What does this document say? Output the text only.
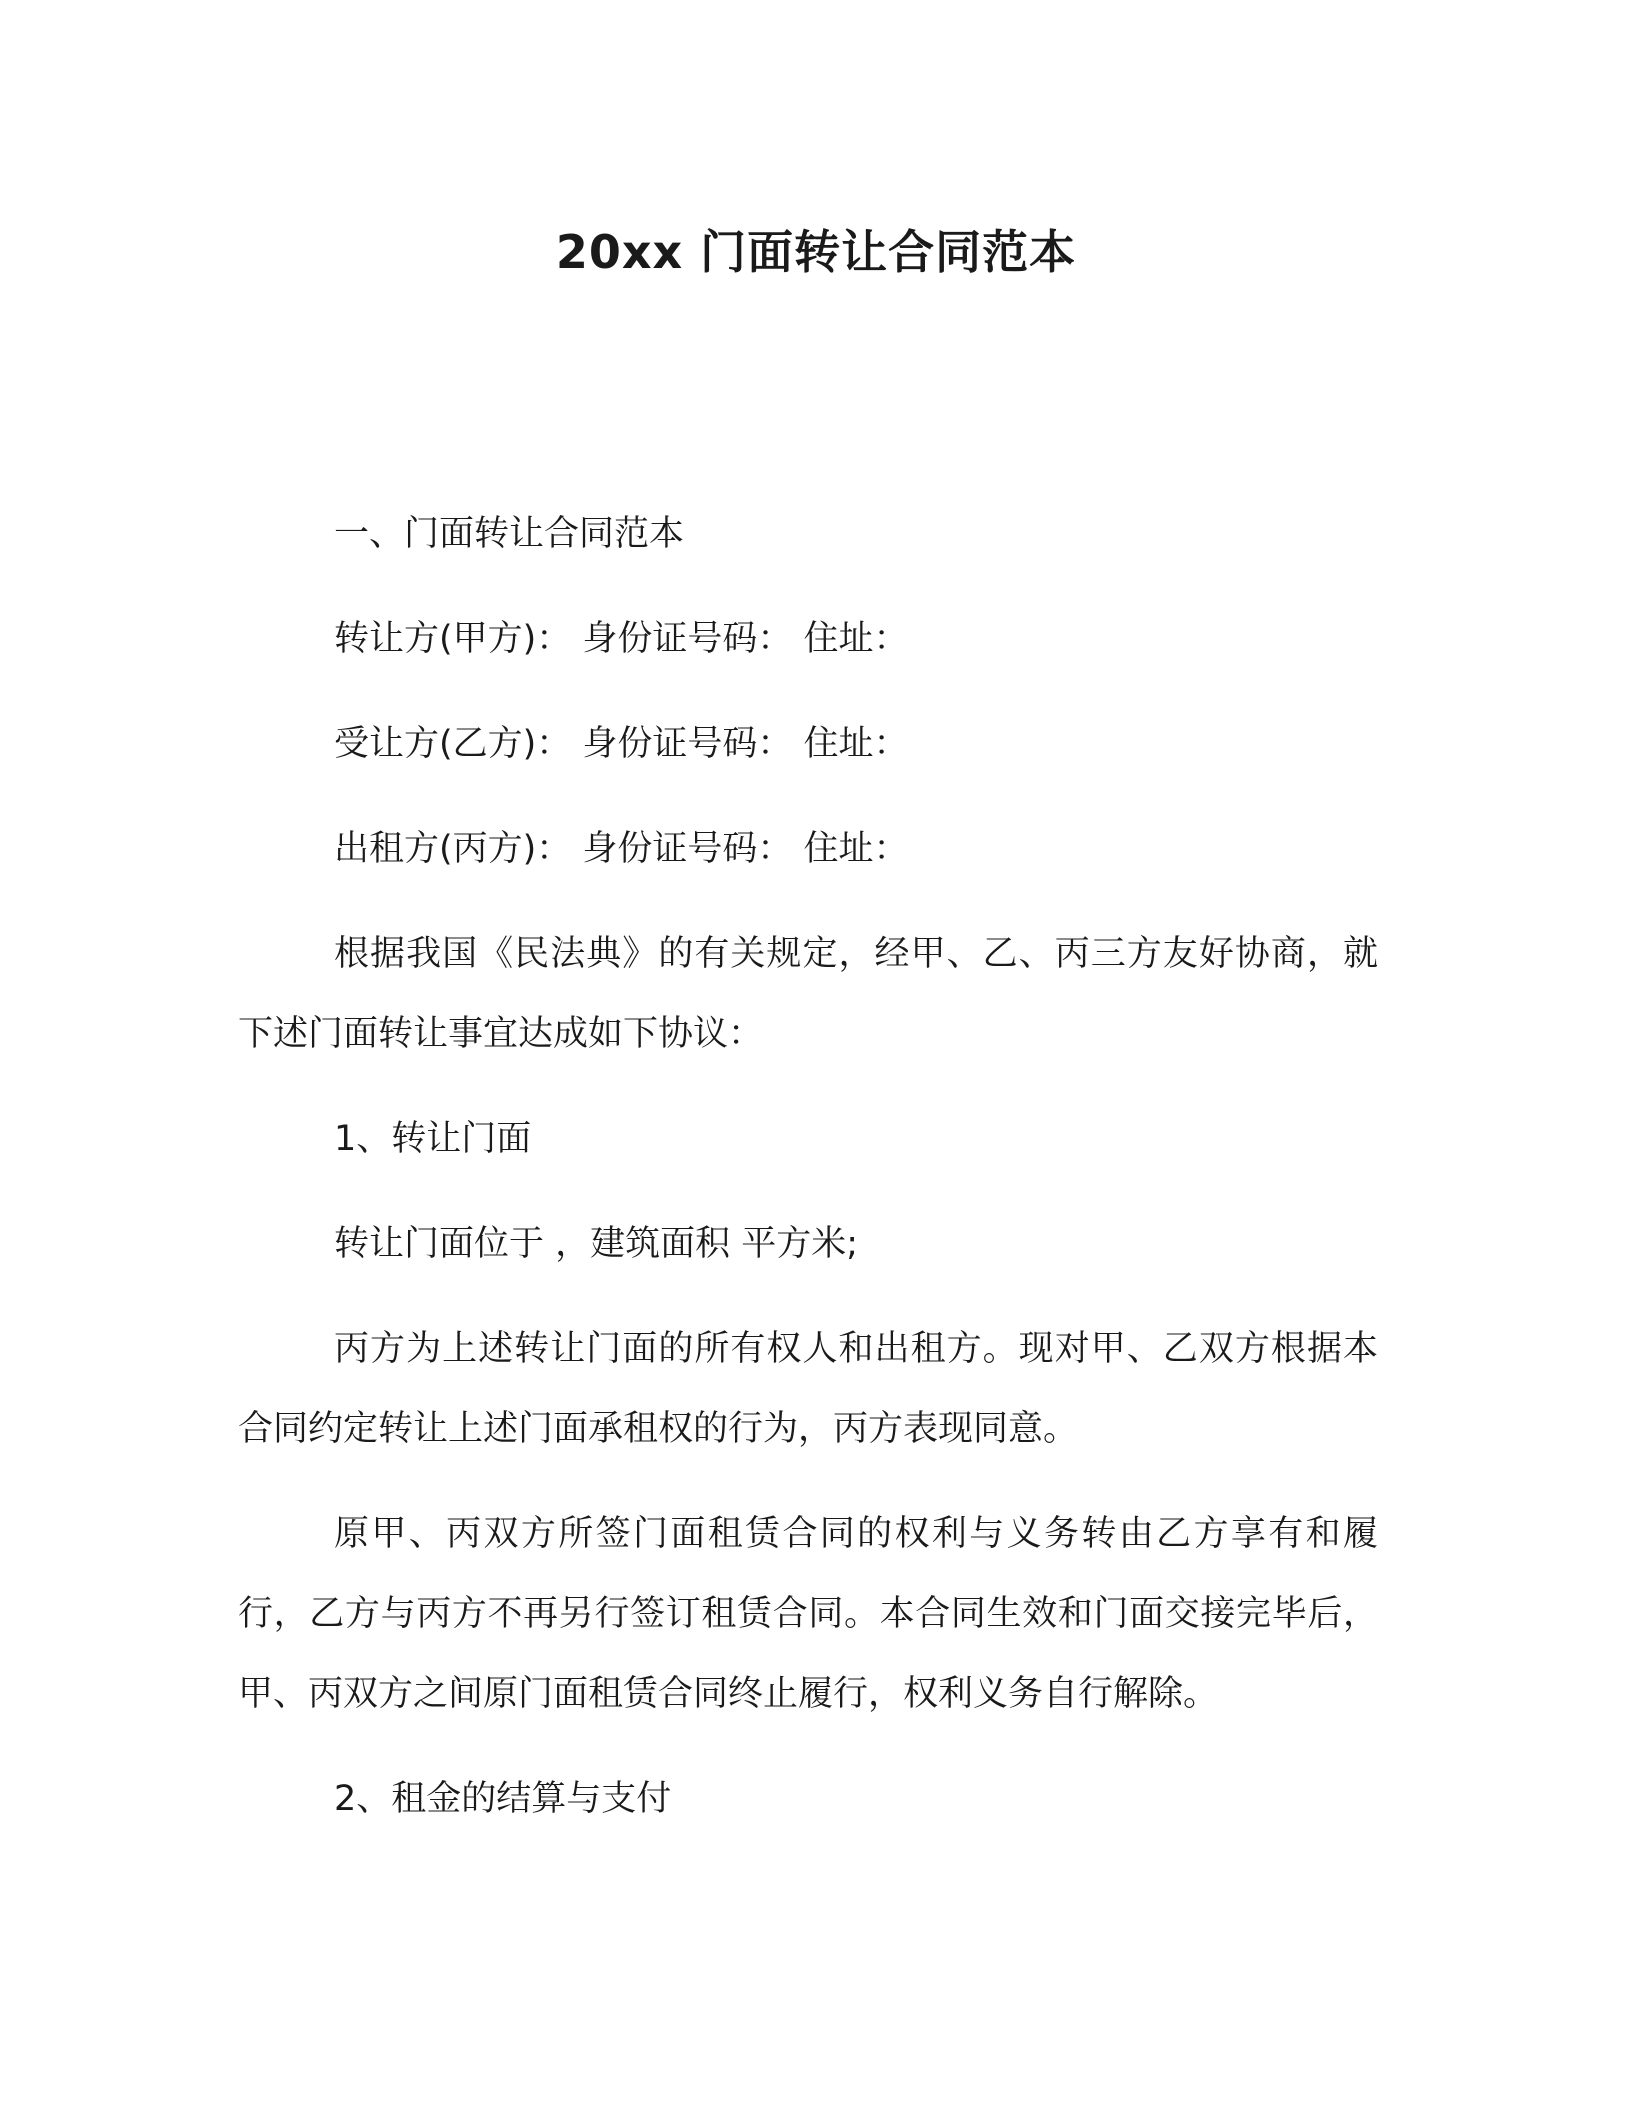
20xx 门面转让合同范本

一、门面转让合同范本

转让方(甲方)： 身份证号码： 住址：

受让方(乙方)： 身份证号码： 住址：

出租方(丙方)： 身份证号码： 住址：

根据我国《民法典》的有关规定，经甲、乙、丙三方友好协商，就下述门面转让事宜达成如下协议：

1、转让门面

转让门面位于 ，建筑面积 平方米;

丙方为上述转让门面的所有权人和出租方。现对甲、乙双方根据本合同约定转让上述门面承租权的行为，丙方表现同意。

原甲、丙双方所签门面租赁合同的权利与义务转由乙方享有和履行，乙方与丙方不再另行签订租赁合同。本合同生效和门面交接完毕后，甲、丙双方之间原门面租赁合同终止履行，权利义务自行解除。

2、租金的结算与支付
